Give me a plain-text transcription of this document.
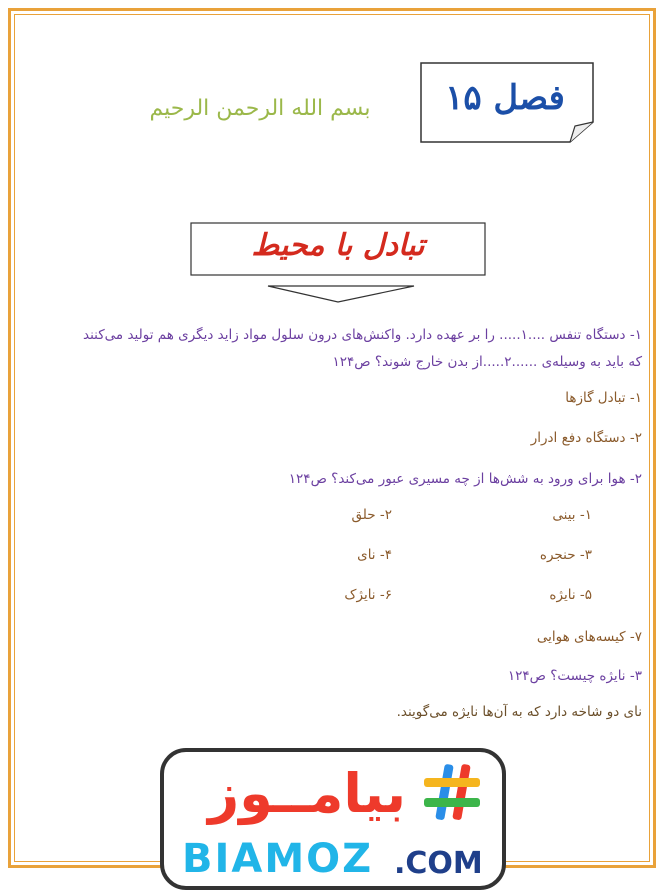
بسم الله الرحمن الرحیم	فصل ۱۵
تبادل با محیط

۱- دستگاه تنفس ....۱..... را بر عهده دارد. واکنش‌های درون سلول مواد زاید دیگری هم تولید می‌کنند

که باید به وسیله‌ی ......۲.....از بدن خارج شوند؟ ص۱۲۴

۱- تبادل گازها

۲- دستگاه دفع ادرار

۲- هوا برای ورود به شش‌ها از چه مسیری عبور می‌کند؟ ص۱۲۴

۱- بینی
۲- حلق
۳- حنجره
۴- نای
۵- نایژه
۶- نایژک

۷- کیسه‌های هوایی

۳- نایژه چیست؟ ص۱۲۴

نای دو شاخه دارد که به آن‌ها نایژه می‌گویند.

بیامــوز
BIAMOZ .COM
